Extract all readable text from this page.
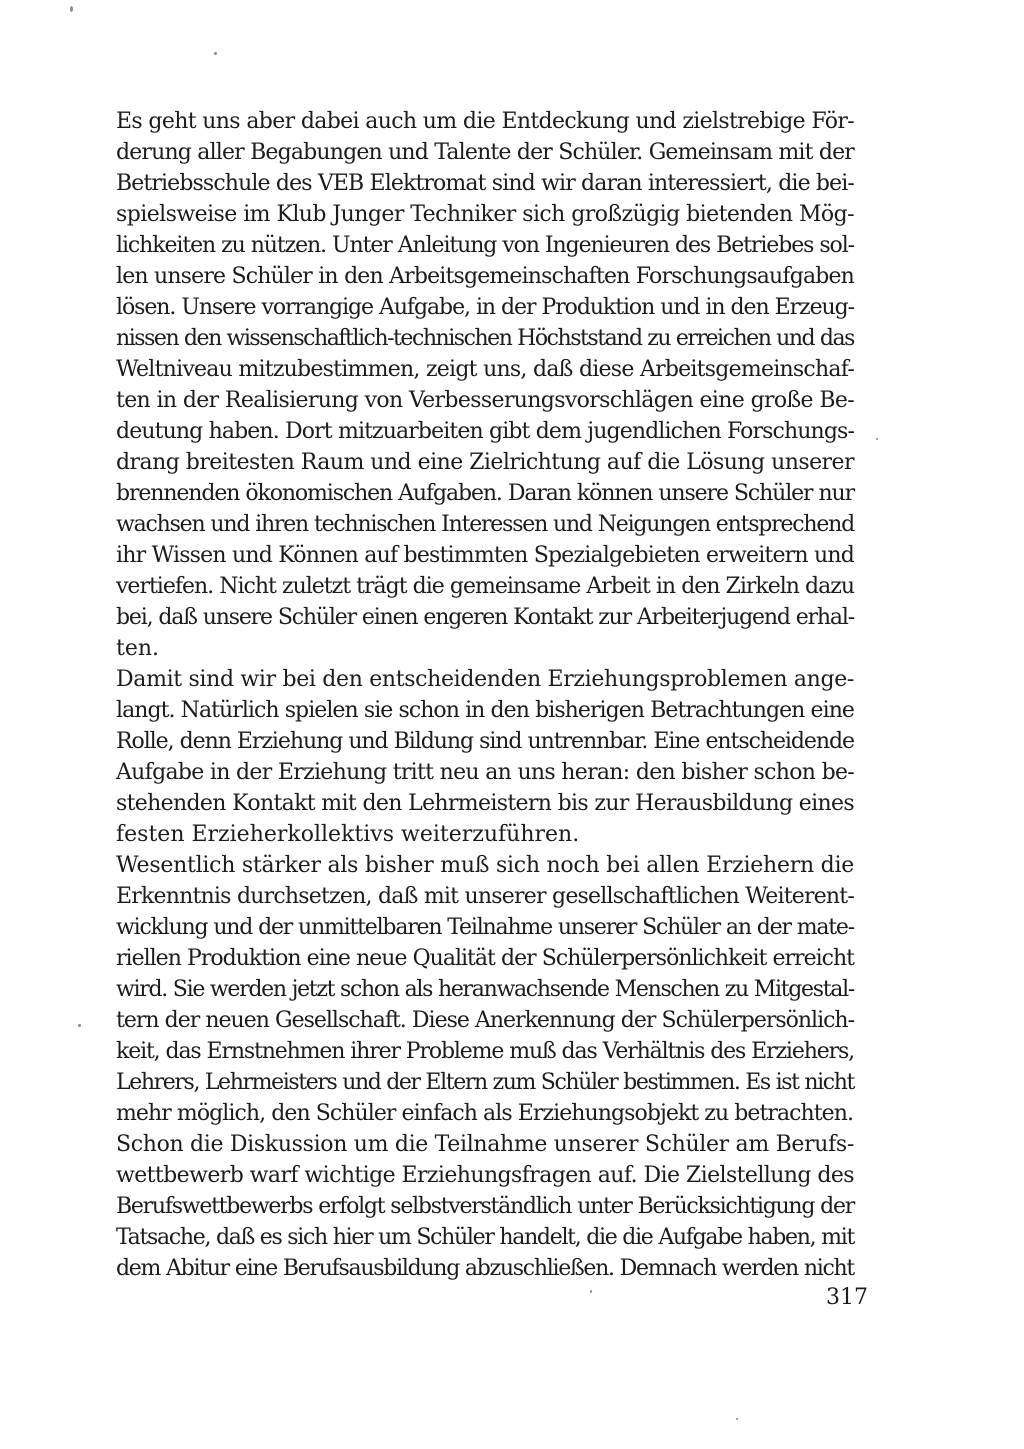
Es geht uns aber dabei auch um die Entdeckung und zielstrebige För-
derung aller Begabungen und Talente der Schüler. Gemeinsam mit der
Betriebsschule des VEB Elektromat sind wir daran interessiert, die bei-
spielsweise im Klub Junger Techniker sich großzügig bietenden Mög-
lichkeiten zu nützen. Unter Anleitung von Ingenieuren des Betriebes sol-
len unsere Schüler in den Arbeitsgemeinschaften Forschungsaufgaben
lösen. Unsere vorrangige Aufgabe, in der Produktion und in den Erzeug-
nissen den wissenschaftlich-technischen Höchststand zu erreichen und das
Weltniveau mitzubestimmen, zeigt uns, daß diese Arbeitsgemeinschaf-
ten in der Realisierung von Verbesserungsvorschlägen eine große Be-
deutung haben. Dort mitzuarbeiten gibt dem jugendlichen Forschungs-
drang breitesten Raum und eine Zielrichtung auf die Lösung unserer
brennenden ökonomischen Aufgaben. Daran können unsere Schüler nur
wachsen und ihren technischen Interessen und Neigungen entsprechend
ihr Wissen und Können auf bestimmten Spezialgebieten erweitern und
vertiefen. Nicht zuletzt trägt die gemeinsame Arbeit in den Zirkeln dazu
bei, daß unsere Schüler einen engeren Kontakt zur Arbeiterjugend erhal-
ten.
Damit sind wir bei den entscheidenden Erziehungsproblemen ange-
langt. Natürlich spielen sie schon in den bisherigen Betrachtungen eine
Rolle, denn Erziehung und Bildung sind untrennbar. Eine entscheidende
Aufgabe in der Erziehung tritt neu an uns heran: den bisher schon be-
stehenden Kontakt mit den Lehrmeistern bis zur Herausbildung eines
festen Erzieherkollektivs weiterzuführen.
Wesentlich stärker als bisher muß sich noch bei allen Erziehern die
Erkenntnis durchsetzen, daß mit unserer gesellschaftlichen Weiterent-
wicklung und der unmittelbaren Teilnahme unserer Schüler an der mate-
riellen Produktion eine neue Qualität der Schülerpersönlichkeit erreicht
wird. Sie werden jetzt schon als heranwachsende Menschen zu Mitgestal-
tern der neuen Gesellschaft. Diese Anerkennung der Schülerpersönlich-
keit, das Ernstnehmen ihrer Probleme muß das Verhältnis des Erziehers,
Lehrers, Lehrmeisters und der Eltern zum Schüler bestimmen. Es ist nicht
mehr möglich, den Schüler einfach als Erziehungsobjekt zu betrachten.
Schon die Diskussion um die Teilnahme unserer Schüler am Berufs-
wettbewerb warf wichtige Erziehungsfragen auf. Die Zielstellung des
Berufswettbewerbs erfolgt selbstverständlich unter Berücksichtigung der
Tatsache, daß es sich hier um Schüler handelt, die die Aufgabe haben, mit
dem Abitur eine Berufsausbildung abzuschließen. Demnach werden nicht
317
